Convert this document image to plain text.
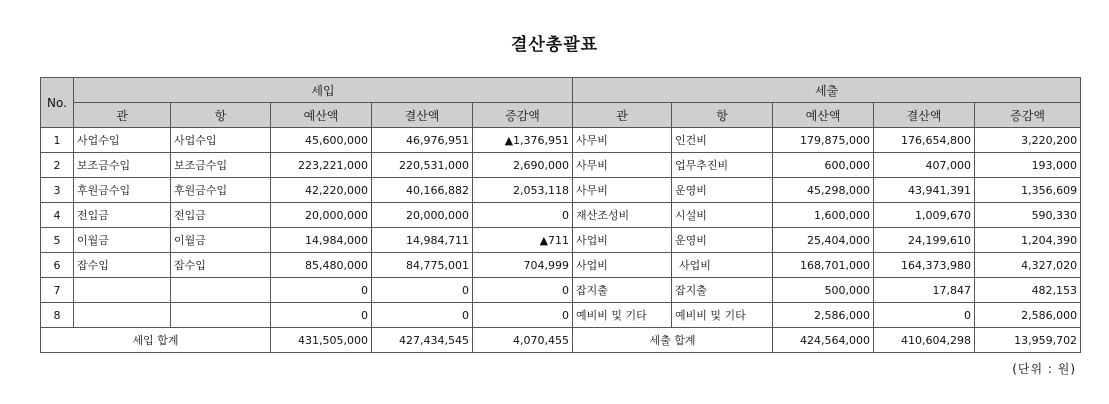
결산총괄표
No.	세입					세출				
	관	항	예산액	결산액	증감액	관	항	예산액	결산액	증감액
1	사업수입	사업수입	45,600,000	46,976,951	▲1,376,951	사무비	인건비	179,875,000	176,654,800	3,220,200
2	보조금수입	보조금수입	223,221,000	220,531,000	2,690,000	사무비	업무추진비	600,000	407,000	193,000
3	후원금수입	후원금수입	42,220,000	40,166,882	2,053,118	사무비	운영비	45,298,000	43,941,391	1,356,609
4	전입금	전입금	20,000,000	20,000,000	0	재산조성비	시설비	1,600,000	1,009,670	590,330
5	이월금	이월금	14,984,000	14,984,711	▲711	사업비	운영비	25,404,000	24,199,610	1,204,390
6	잡수입	잡수입	85,480,000	84,775,001	704,999	사업비	사업비	168,701,000	164,373,980	4,327,020
7			0	0	0	잡지출	잡지출	500,000	17,847	482,153
8			0	0	0	예비비 및 기타	예비비 및 기타	2,586,000	0	2,586,000
세입 합계			431,505,000	427,434,545	4,070,455	세출 합계		424,564,000	410,604,298	13,959,702
(단위 : 원)
